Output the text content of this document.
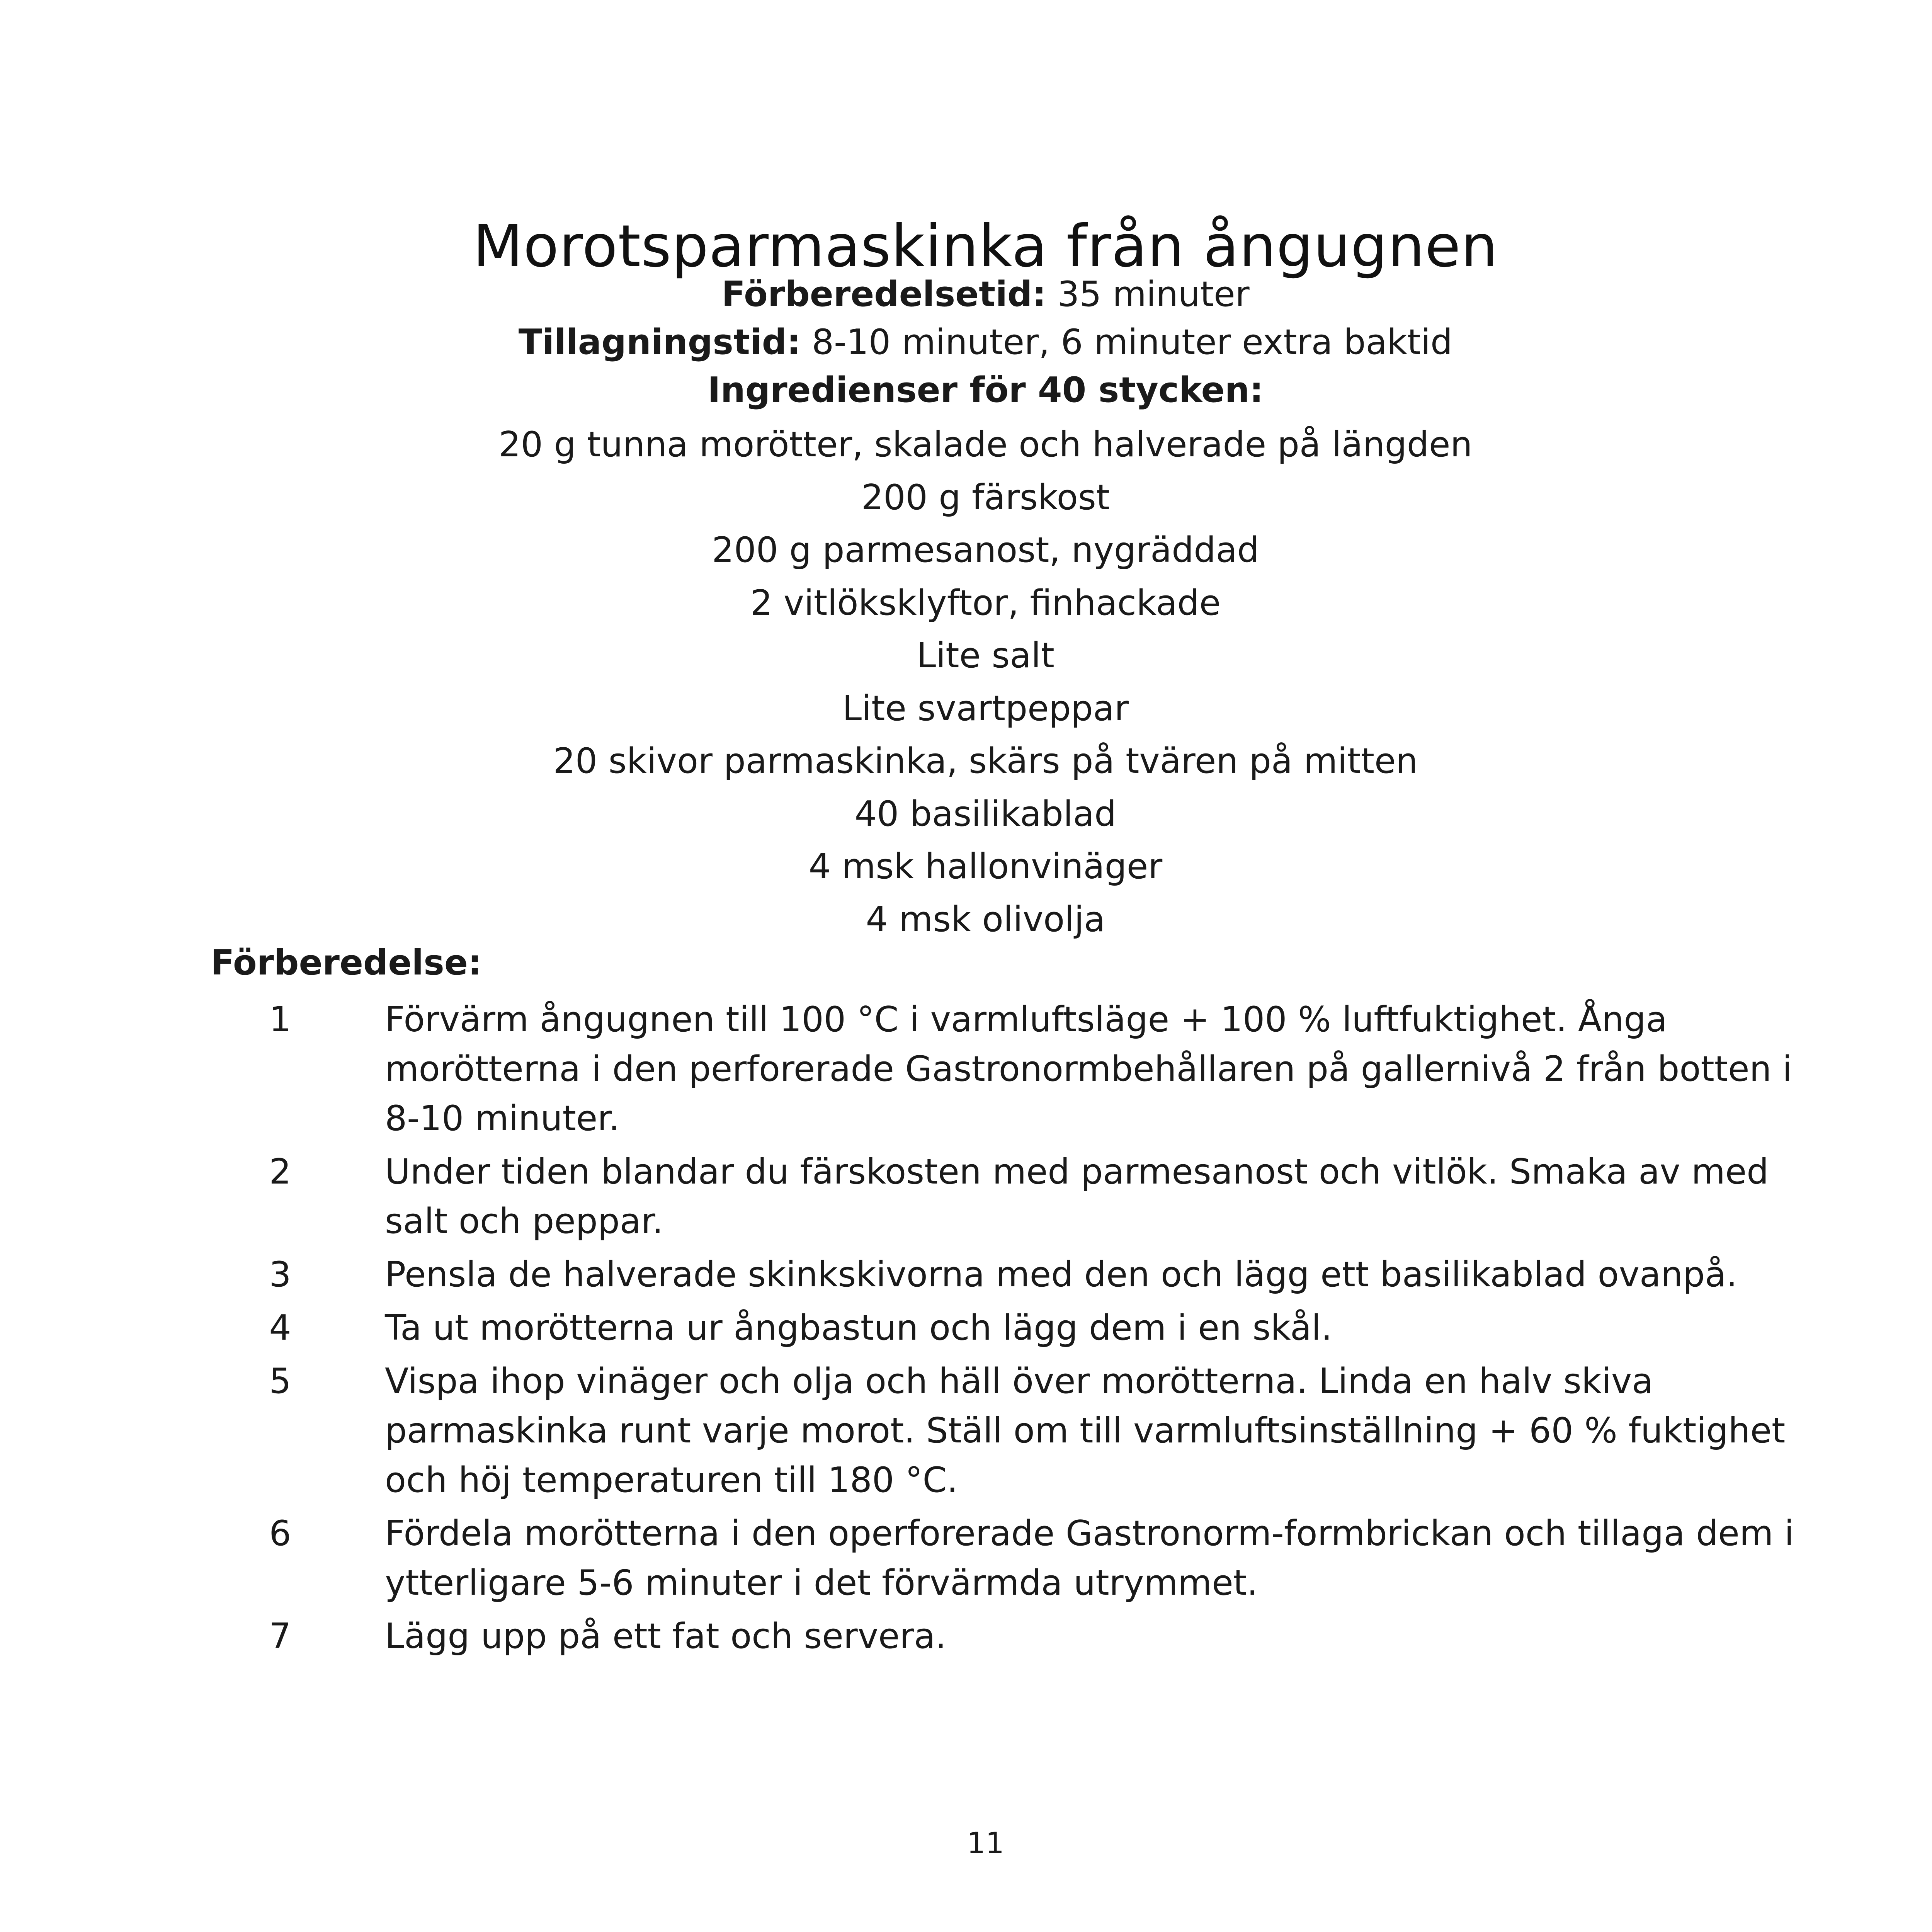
Morotsparmaskinka från ångugnen
Förberedelsetid: 35 minuter
Tillagningstid: 8-10 minuter, 6 minuter extra baktid
Ingredienser för 40 stycken:
20 g tunna morötter, skalade och halverade på längden
200 g färskost
200 g parmesanost, nygräddad
2 vitlöksklyftor, finhackade
Lite salt
Lite svartpeppar
20 skivor parmaskinka, skärs på tvären på mitten
40 basilikablad
4 msk hallonvinäger
4 msk olivolja
Förberedelse:
1	Förvärm ångugnen till 100 °C i varmluftsläge + 100 % luftfuktighet. Ånga morötterna i den perforerade Gastronormbehållaren på gallernivå 2 från botten i 8-10 minuter.
2	Under tiden blandar du färskosten med parmesanost och vitlök. Smaka av med salt och peppar.
3	Pensla de halverade skinkskivorna med den och lägg ett basilikablad ovanpå.
4	Ta ut morötterna ur ångbastun och lägg dem i en skål.
5	Vispa ihop vinäger och olja och häll över morötterna. Linda en halv skiva parmaskinka runt varje morot. Ställ om till varmluftsinställning + 60 % fuktighet och höj temperaturen till 180 °C.
6	Fördela morötterna i den operforerade Gastronorm-formbrickan och tillaga dem i ytterligare 5-6 minuter i det förvärmda utrymmet.
7	Lägg upp på ett fat och servera.
11
